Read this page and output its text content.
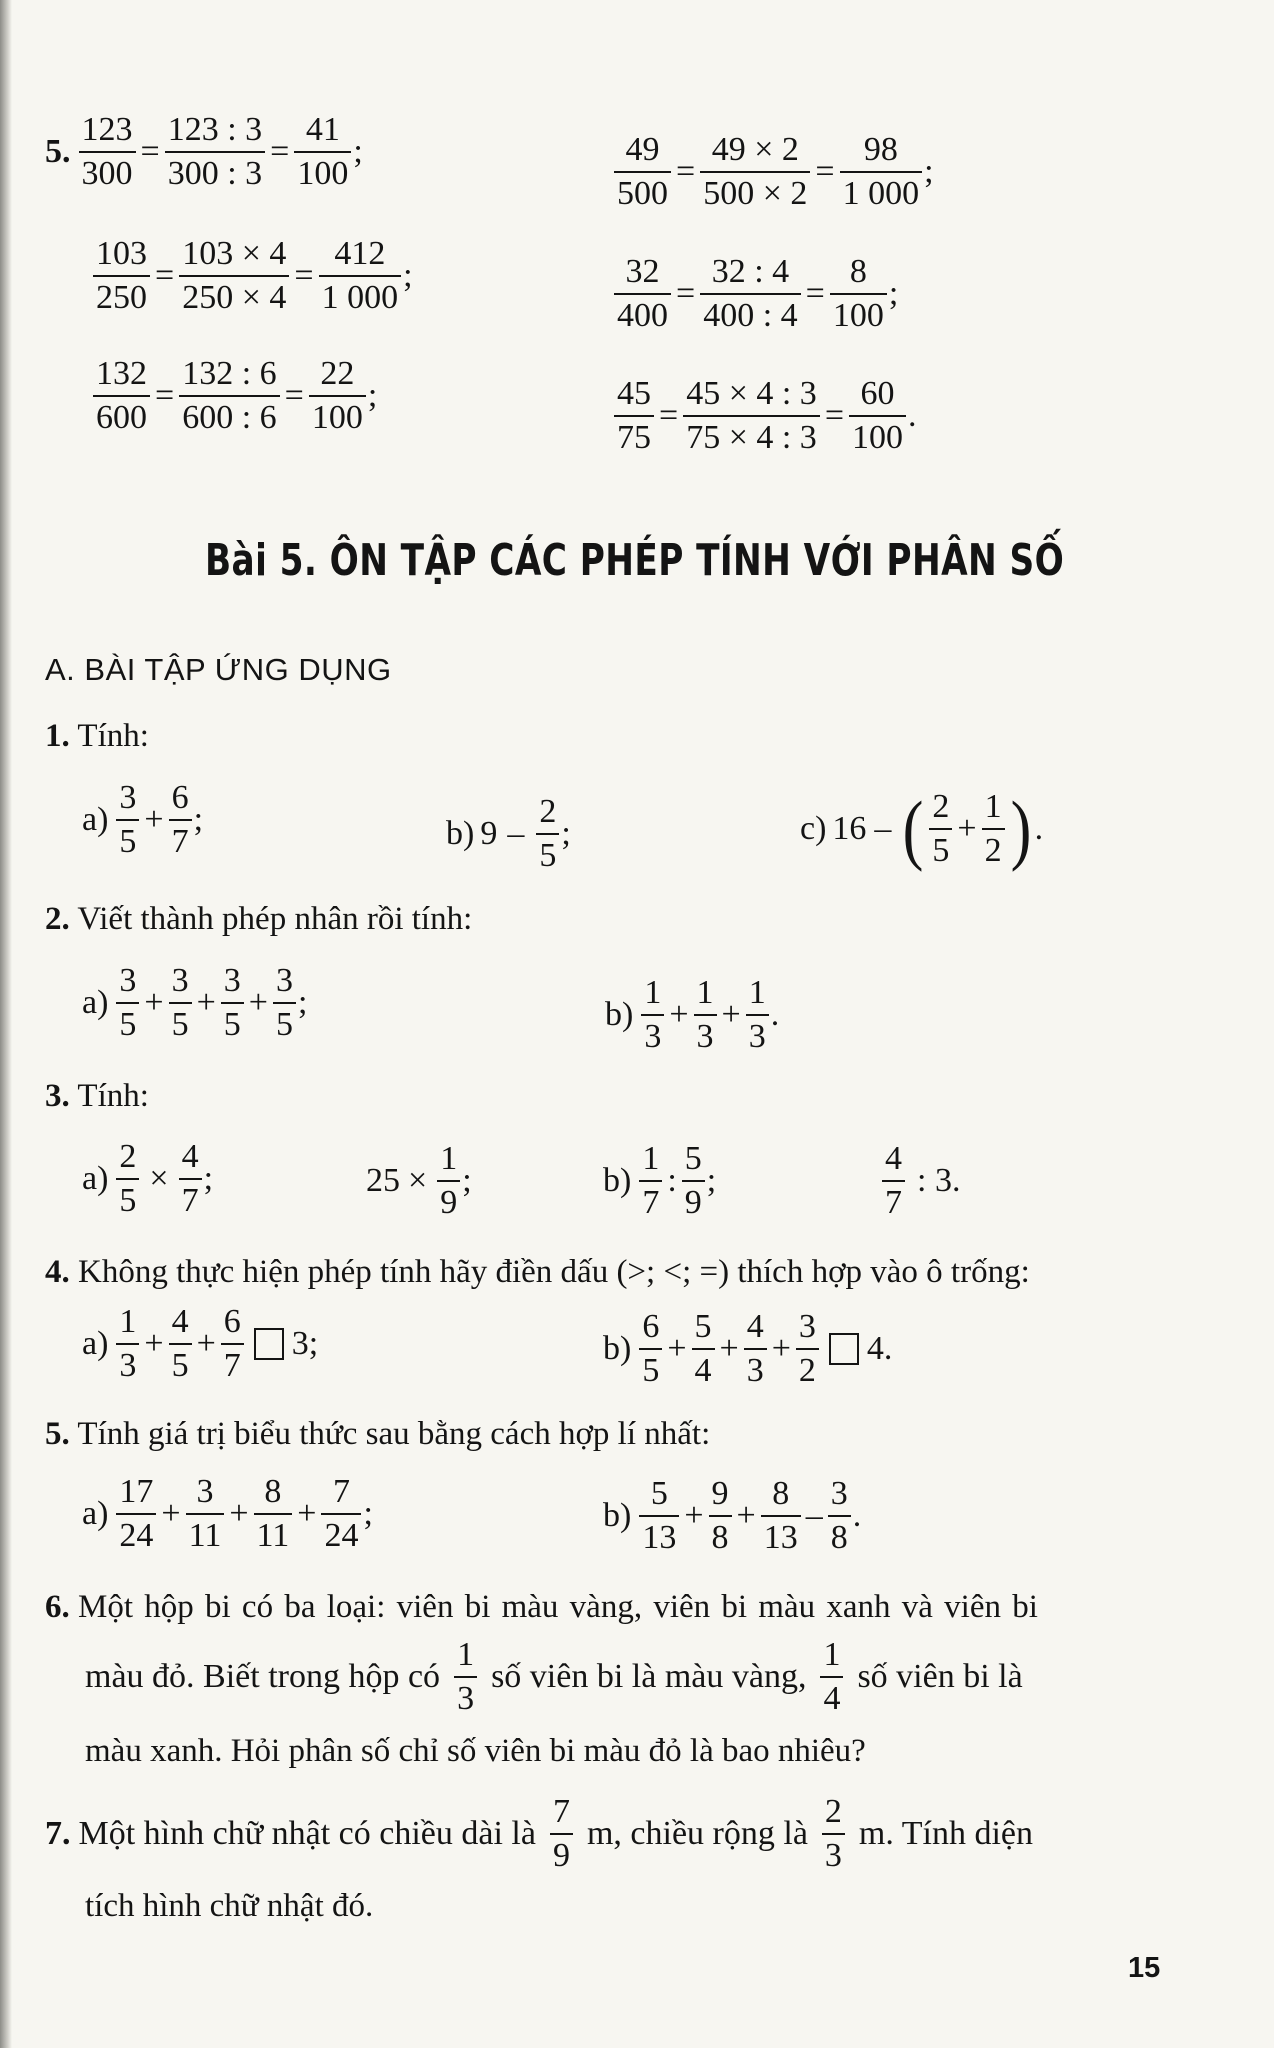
5. $\frac{123}{300} = \frac{123 : 3}{300 : 3} = \frac{41}{100}$ ;	$\frac{49}{500} = \frac{49 \times 2}{500 \times 2} = \frac{98}{1 000}$ ;
$\frac{103}{250} = \frac{103 \times 4}{250 \times 4} = \frac{412}{1 000}$ ;	$\frac{32}{400} = \frac{32 : 4}{400 : 4} = \frac{8}{100}$ ;
$\frac{132}{600} = \frac{132 : 6}{600 : 6} = \frac{22}{100}$ ;	$\frac{45}{75} = \frac{45 \times 4 : 3}{75 \times 4 : 3} = \frac{60}{100}$ .
Bài 5. ÔN TẬP CÁC PHÉP TÍNH VỚI PHÂN SỐ
A. BÀI TẬP ỨNG DỤNG
1. Tính:
$a) \frac{3}{5} + \frac{6}{7}$ ;	b) $9 - \frac{2}{5}$ ;	c) 16 – ( $\frac{2}{5} + \frac{1}{2}$ ) .
2. Viết thành phép nhân rồi tính:
$a) \frac{3}{5} + \frac{3}{5} + \frac{3}{5} + \frac{3}{5}$ ;	$b) \frac{1}{3} + \frac{1}{3} + \frac{1}{3}$ .
3. Tính:
$a) \frac{2}{5} \times \frac{4}{7}$ ;	$25 \times \frac{1}{9}$ ;	$b) \frac{1}{7}$ : $\frac{5}{9}$ ;	$\frac{4}{7}$ : 3.
4. Không thực hiện phép tính hãy điền dấu (>; <; =) thích hợp vào ô trống:
$a) \frac{1}{3} + \frac{4}{5} + \frac{6}{7} 3$;	$b) \frac{6}{5} + \frac{5}{4} + \frac{4}{3} + \frac{3}{2} 4$.
5. Tính giá trị biểu thức sau bằng cách hợp lí nhất:
$a) \frac{17}{24} + \frac{3}{11} + \frac{8}{11} + \frac{7}{24}$ ;	$b) \frac{5}{13} + \frac{9}{8} + \frac{8}{13} - \frac{3}{8}$ .
6. Một hộp bi có ba loại: viên bi màu vàng, viên bi màu xanh và viên bi
màu đỏ. Biết trong hộp có $\frac{1}{3}$ số viên bi là màu vàng, $\frac{1}{4}$ số viên bi là
màu xanh. Hỏi phân số chỉ số viên bi màu đỏ là bao nhiêu?
7. Một hình chữ nhật có chiều dài là $\frac{7}{9} m$, chiều rộng là $\frac{2}{3} m$. Tính diện
tích hình chữ nhật đó.
15
